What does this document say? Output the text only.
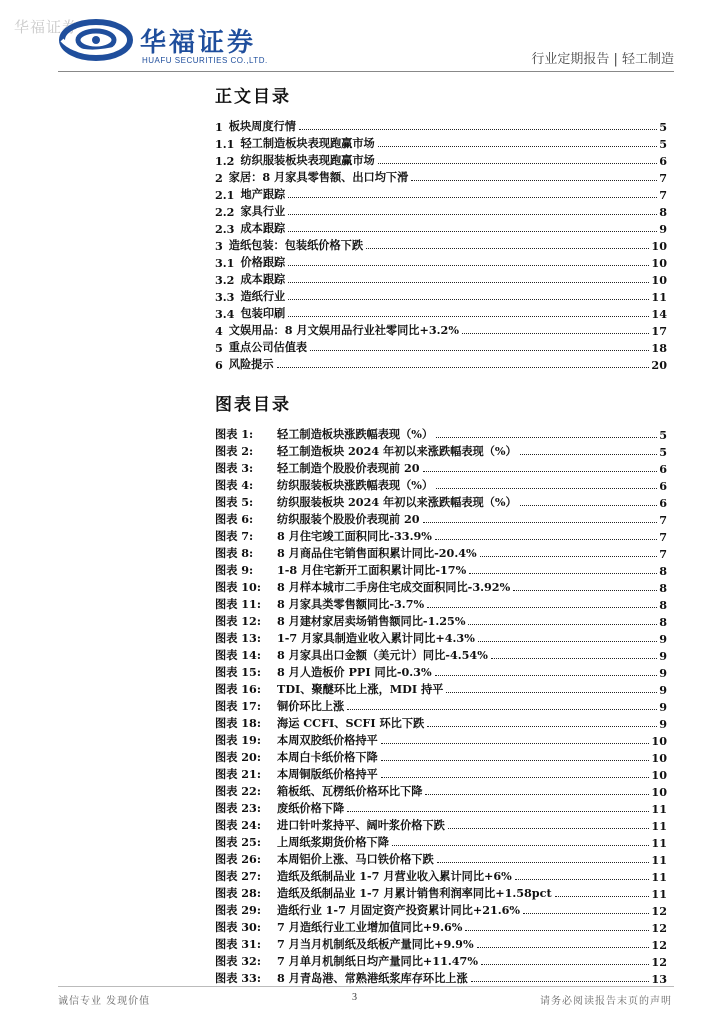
华福证券
华福证券
HUAFU SECURITIES CO.,LTD.	行业定期报告 | 轻工制造
正文目录
1 板块周度行情	5
1.1 轻工制造板块表现跑赢市场	5
1.2 纺织服装板块表现跑赢市场	6
2 家居：8 月家具零售额、出口均下滑	7
2.1 地产跟踪	7
2.2 家具行业	8
2.3 成本跟踪	9
3 造纸包装：包装纸价格下跌	10
3.1 价格跟踪	10
3.2 成本跟踪	10
3.3 造纸行业	11
3.4 包装印刷	14
4 文娱用品：8 月文娱用品行业社零同比+3.2%	17
5 重点公司估值表	18
6 风险提示	20
图表目录
图表 1:	轻工制造板块涨跌幅表现（%）	5
图表 2:	轻工制造板块 2024 年初以来涨跌幅表现（%）	5
图表 3:	轻工制造个股股价表现前 20	6
图表 4:	纺织服装板块涨跌幅表现（%）	6
图表 5:	纺织服装板块 2024 年初以来涨跌幅表现（%）	6
图表 6:	纺织服装个股股价表现前 20	7
图表 7:	8 月住宅竣工面积同比-33.9%	7
图表 8:	8 月商品住宅销售面积累计同比-20.4%	7
图表 9:	1-8 月住宅新开工面积累计同比-17%	8
图表 10:	8 月样本城市二手房住宅成交面积同比-3.92%	8
图表 11:	8 月家具类零售额同比-3.7%	8
图表 12:	8 月建材家居卖场销售额同比-1.25%	8
图表 13:	1-7 月家具制造业收入累计同比+4.3%	9
图表 14:	8 月家具出口金额（美元计）同比-4.54%	9
图表 15:	8 月人造板价 PPI 同比-0.3%	9
图表 16:	TDI、聚醚环比上涨，MDI 持平	9
图表 17:	铜价环比上涨	9
图表 18:	海运 CCFI、SCFI 环比下跌	9
图表 19:	本周双胶纸价格持平	10
图表 20:	本周白卡纸价格下降	10
图表 21:	本周铜版纸价格持平	10
图表 22:	箱板纸、瓦楞纸价格环比下降	10
图表 23:	废纸价格下降	11
图表 24:	进口针叶浆持平、阔叶浆价格下跌	11
图表 25:	上周纸浆期货价格下降	11
图表 26:	本周铝价上涨、马口铁价格下跌	11
图表 27:	造纸及纸制品业 1-7 月营业收入累计同比+6%	11
图表 28:	造纸及纸制品业 1-7 月累计销售利润率同比+1.58pct	11
图表 29:	造纸行业 1-7 月固定资产投资累计同比+21.6%	12
图表 30:	7 月造纸行业工业增加值同比+9.6%	12
图表 31:	7 月当月机制纸及纸板产量同比+9.9%	12
图表 32:	7 月单月机制纸日均产量同比+11.47%	12
图表 33:	8 月青岛港、常熟港纸浆库存环比上涨	13
诚信专业 发现价值	3	请务必阅读报告末页的声明
